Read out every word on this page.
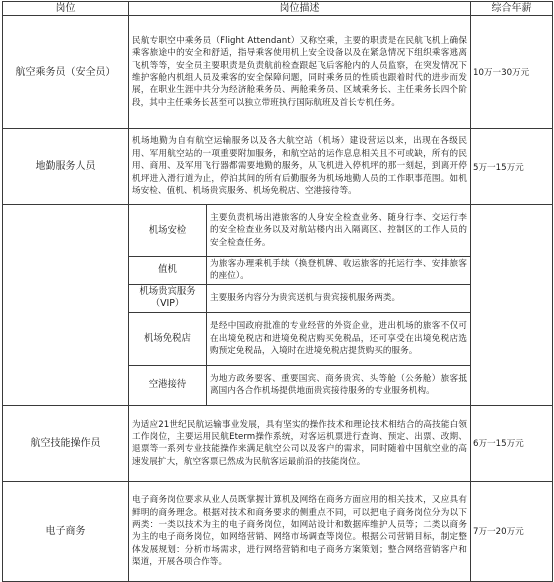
岗位	岗位描述		综合年薪
航空乘务员（安全员）	民航专职空中乘务员（Flight Attendant）又称空乘，主要的职责是在民航飞机上确保乘客旅途中的安全和舒适，指导乘客使用机上安全设备以及在紧急情况下组织乘客逃离飞机等等，安全员主要职责是负责航前检查跟起飞后客舱内的人员监察，在突发情况下维护客舱内机组人员及乘客的安全保障问题，同时乘务员的性质也跟着时代的进步而发展，在职业生涯中共分为经济舱乘务员、两舱乘务员、区域乘务长、主任乘务长四个阶段，其中主任乘务长甚至可以独立带班执行国际航班及首长专机任务。		10万一30万元
地勤服务人员	机场地勤为自有航空运输服务以及各大航空站（机场）建设营运以来，出现在各级民用、军用航空站的一项重要附加服务，和航空站的运作息息相关且不可或缺，所有的民用、商用、及军用飞行器都需要地勤的服务，从飞机进入停机坪的那一刻起，到离开停机坪进入滑行道为止，停泊其间的所有后勤服务为机场地勤人员的工作职事范围。如机场安检、值机、机场贵宾服务、机场免税店、空港接待等。		5万一15万元
	机场安检	主要负责机场出港旅客的人身安全检查业务、随身行李、交运行李的安全检查业务以及对航站楼内出入隔离区、控制区的工作人员的安全检查任务。	
	值机	为旅客办理乘机手续（换登机牌、收运旅客的托运行李、安排旅客的座位）。	
	机场贵宾服务（VIP）	主要服务内容分为贵宾送机与贵宾接机服务两类。	
	机场免税店	是经中国政府批准的专业经营的外资企业，进出机场的旅客不仅可在出境免税店和进境免税店购买免税品，还可享受在出境免税店选购预定免税品，入境时在进境免税店提货购买的服务。	
	空港接待	为地方政务要客、重要国宾、商务贵宾、头等舱（公务舱）旅客抵离国内各合作机场提供地面贵宾接待服务的专业服务机构。	
航空技能操作员	为适应21世纪民航运输事业发展，具有坚实的操作技术和理论技术相结合的高技能白领工作岗位，主要运用民航Eterm操作系统，对客运机票进行查询、预定、出票、改期、退票等一系列专业技能操作来满足航空公司以及客户的需求，同时随着中国航空业的高速发展扩大，航空客票已然成为民航客运最前沿的技能岗位。		6万一15万元
电子商务	电子商务岗位要求从业人员既掌握计算机及网络在商务方面应用的相关技术，又应具有鲜明的商务理念。根据对技术和商务要求的侧重点不同，可以把电子商务岗位分为以下两类：一类以技术为主的电子商务岗位，如网站设计和数据库维护人员等；二类以商务为主的电子商务岗位，如网络营销、网络市场调查等岗位。根据公司营销目标，制定整体发展规划：分析市场需求，进行网络营销和电子商务方案策划；整合网络营销客户和渠道，开展各项合作等。		7万一20万元
